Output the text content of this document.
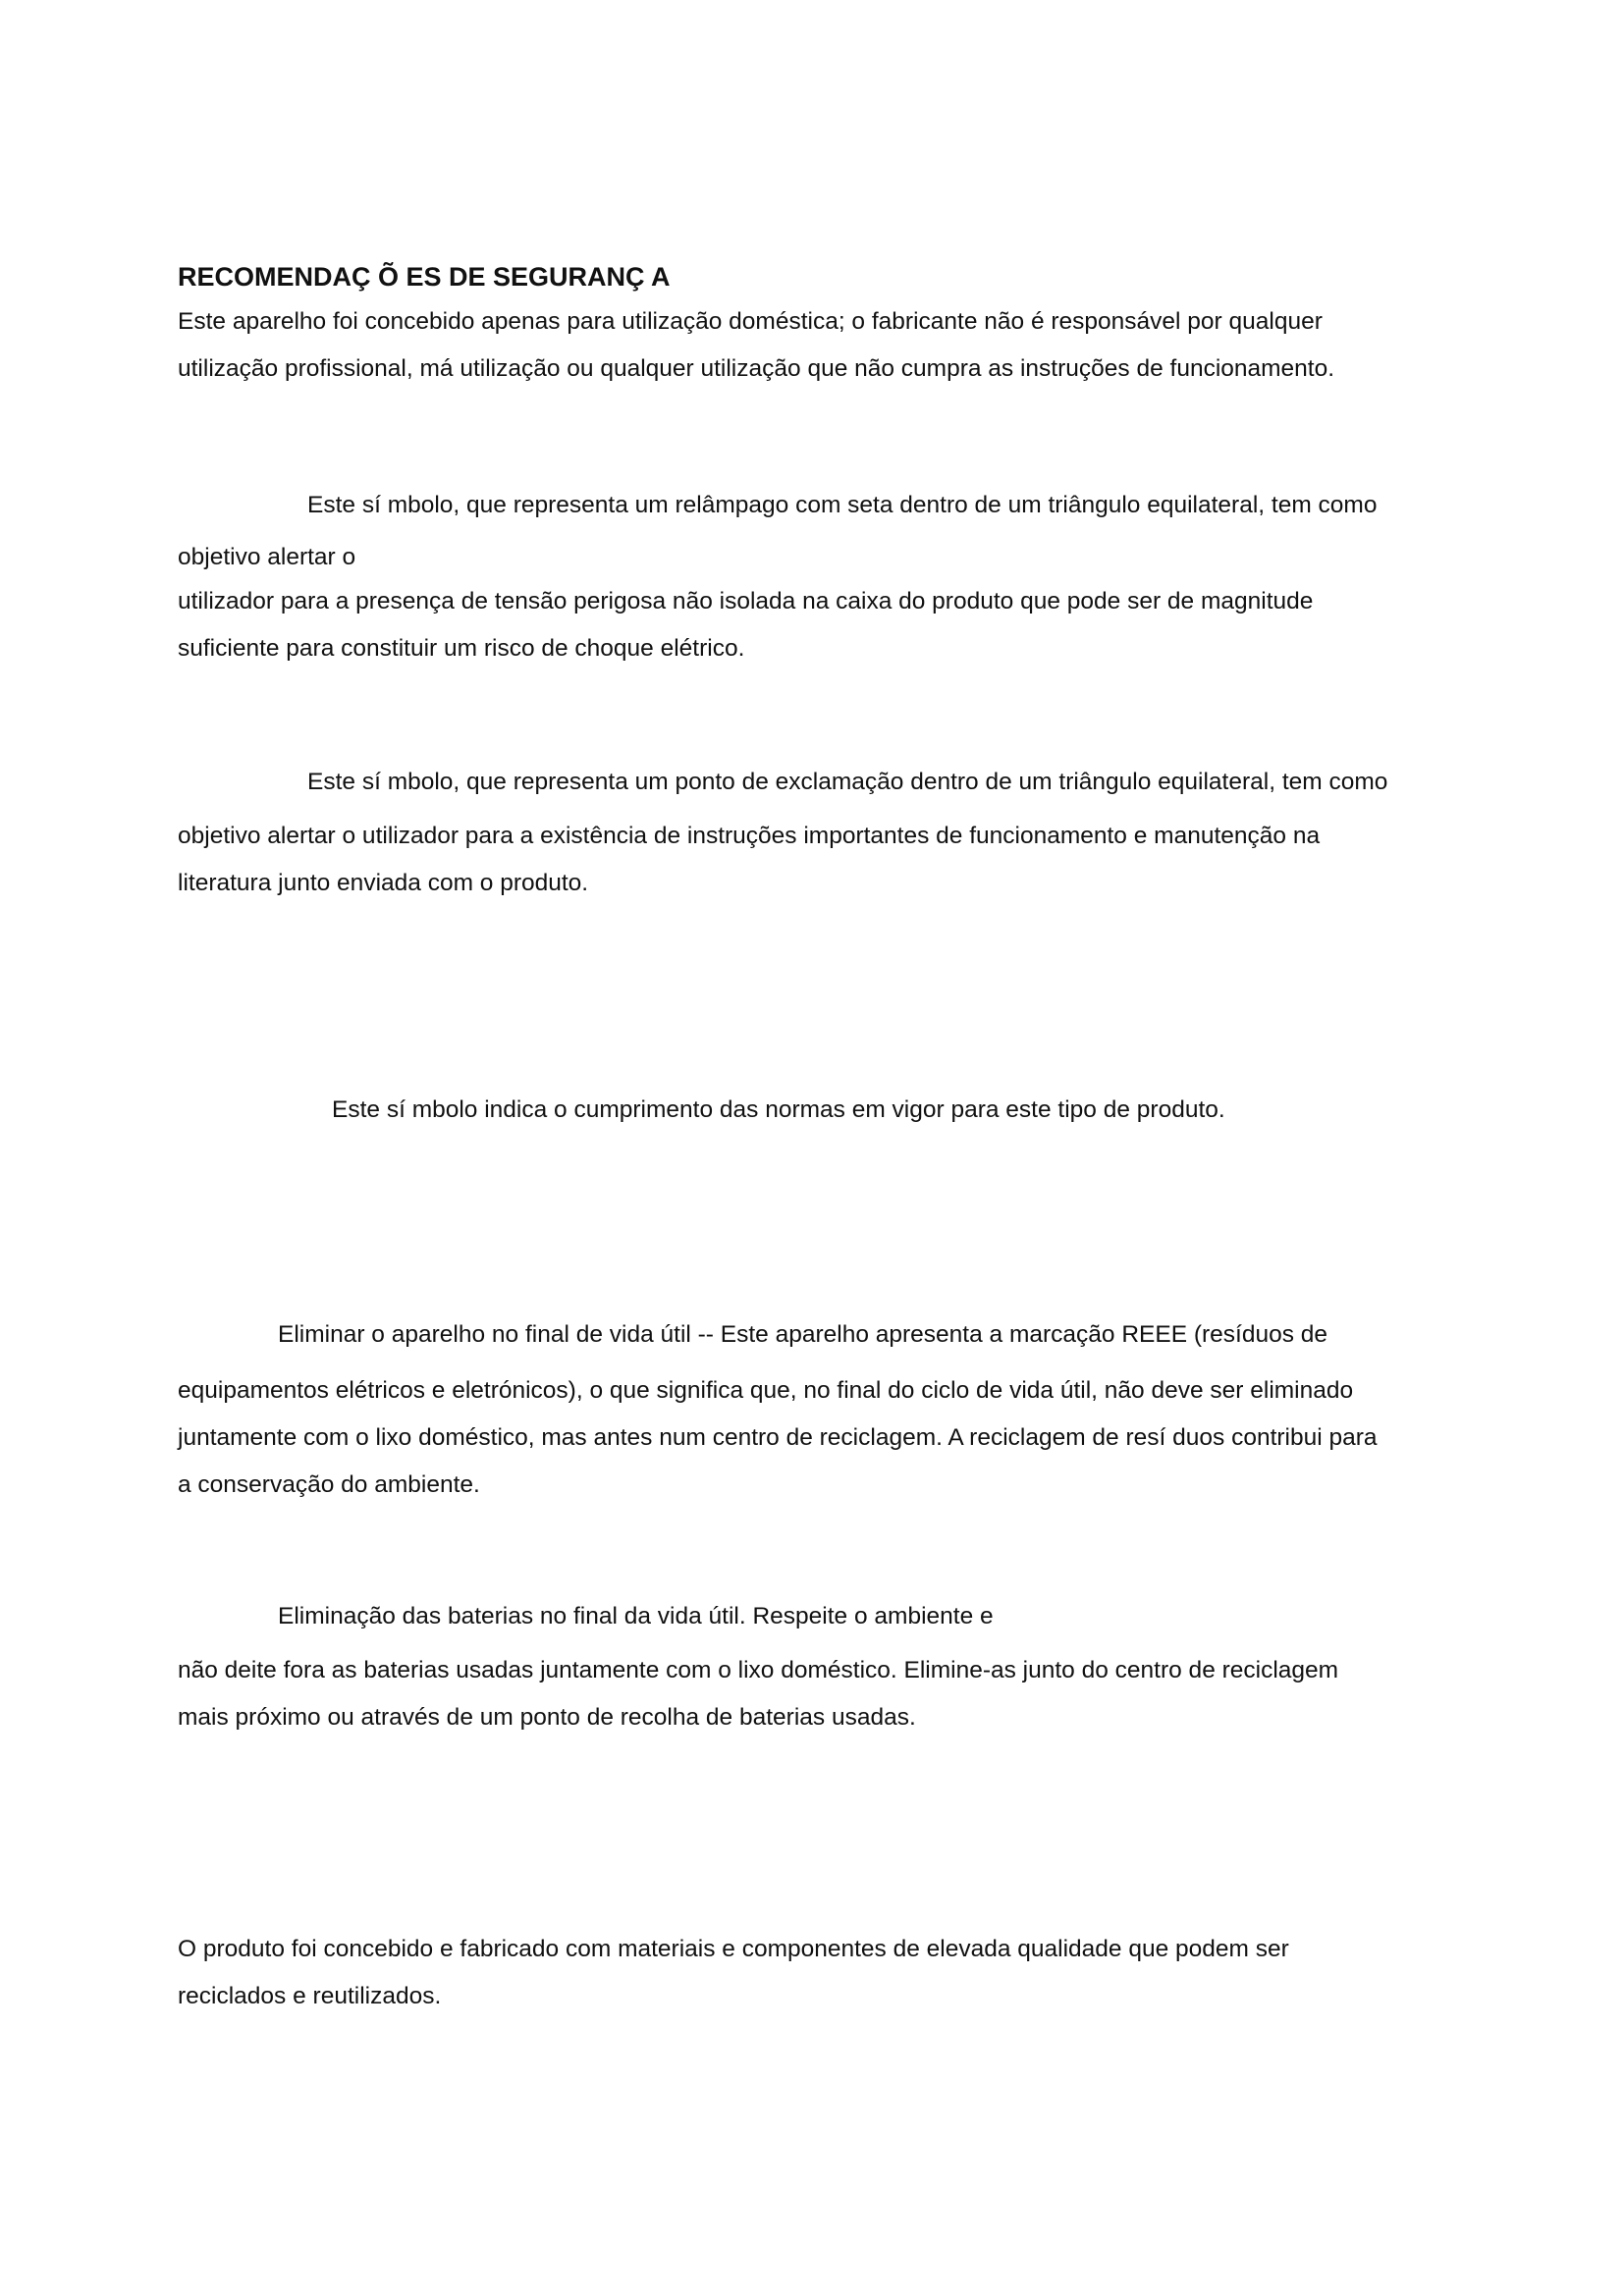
RECOMENDAÇ Õ ES DE SEGURANÇ A

Este aparelho foi concebido apenas para utilização doméstica; o fabricante não é responsável por qualquer

utilização profissional, má utilização ou qualquer utilização que não cumpra as instruções de funcionamento.

Este sí mbolo, que representa um relâmpago com seta dentro de um triângulo equilateral, tem como

objetivo alertar o

utilizador para a presença de tensão perigosa não isolada na caixa do produto que pode ser de magnitude

suficiente para constituir um risco de choque elétrico.

Este sí mbolo, que representa um ponto de exclamação dentro de um triângulo equilateral, tem como

objetivo alertar o utilizador para a existência de instruções importantes de funcionamento e manutenção na

literatura junto enviada com o produto.

Este sí mbolo indica o cumprimento das normas em vigor para este tipo de produto.

Eliminar o aparelho no final de vida útil -- Este aparelho apresenta a marcação REEE (resíduos de

equipamentos elétricos e eletrónicos), o que significa que, no final do ciclo de vida útil, não deve ser eliminado

juntamente com o lixo doméstico, mas antes num centro de reciclagem. A reciclagem de resí duos contribui para

a conservação do ambiente.

Eliminação das baterias no final da vida útil. Respeite o ambiente e

não deite fora as baterias usadas juntamente com o lixo doméstico. Elimine-as junto do centro de reciclagem

mais próximo ou através de um ponto de recolha de baterias usadas.

O produto foi concebido e fabricado com materiais e componentes de elevada qualidade que podem ser

reciclados e reutilizados.
